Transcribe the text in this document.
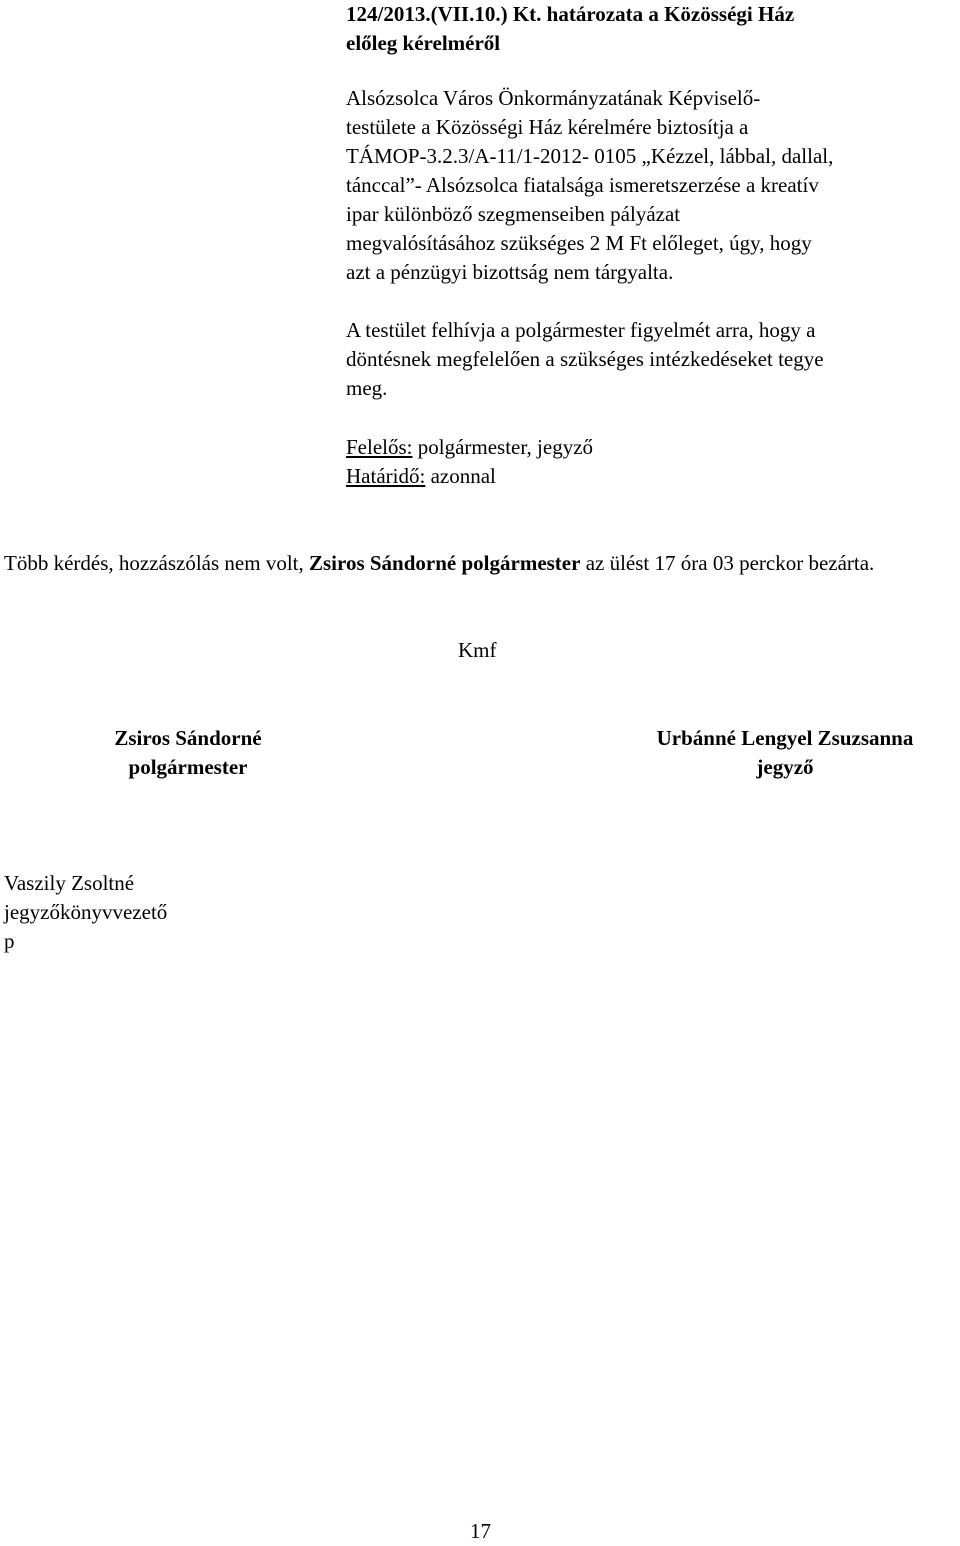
124/2013.(VII.10.) Kt. határozata a Közösségi Ház
előleg kérelméről

Alsózsolca Város Önkormányzatának Képviselő-
testülete a Közösségi Ház kérelmére biztosítja a
TÁMOP-3.2.3/A-11/1-2012- 0105 „Kézzel, lábbal, dallal,
tánccal”- Alsózsolca fiatalsága ismeretszerzése a kreatív
ipar különböző szegmenseiben pályázat
megvalósításához szükséges 2 M Ft előleget, úgy, hogy
azt a pénzügyi bizottság nem tárgyalta.

A testület felhívja a polgármester figyelmét arra, hogy a
döntésnek megfelelően a szükséges intézkedéseket tegye
meg.

Felelős: polgármester, jegyző
Határidő: azonnal

Több kérdés, hozzászólás nem volt, Zsiros Sándorné polgármester az ülést 17 óra 03 perckor bezárta.

Kmf
Zsiros Sándorné
polgármester
Urbánné Lengyel Zsuzsanna
jegyző
Vaszily Zsoltné
jegyzőkönyvvezető
p
17
